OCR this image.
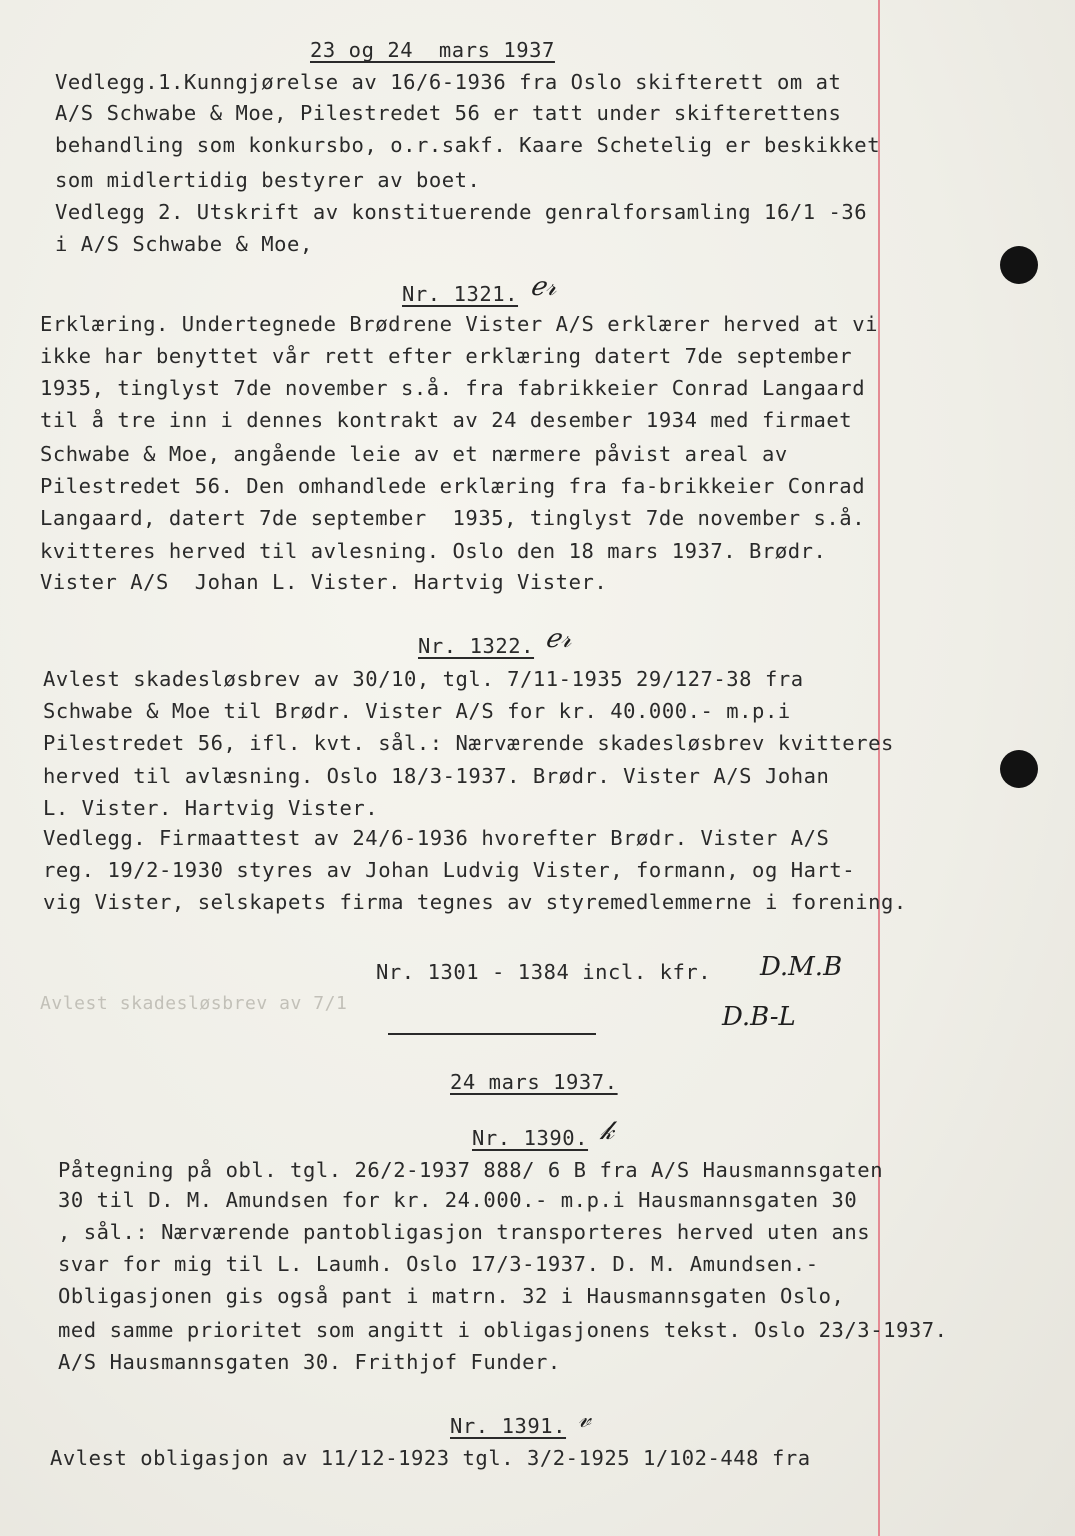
23 og 24  mars 1937
Vedlegg.1.Kunngjørelse av 16/6-1936 fra Oslo skifterett om at
A/S Schwabe & Moe, Pilestredet 56 er tatt under skifterettens
behandling som konkursbo, o.r.sakf. Kaare Schetelig er beskikket
som midlertidig bestyrer av boet.
Vedlegg 2. Utskrift av konstituerende genralforsamling 16/1 -36
i A/S Schwabe & Moe,
Nr. 1321. ℯ𝓇
Erklæring. Undertegnede Brødrene Vister A/S erklærer herved at vi
ikke har benyttet vår rett efter erklæring datert 7de september
1935, tinglyst 7de november s.å. fra fabrikkeier Conrad Langaard
til å tre inn i dennes kontrakt av 24 desember 1934 med firmaet
Schwabe & Moe, angående leie av et nærmere påvist areal av
Pilestredet 56. Den omhandlede erklæring fra fa-brikkeier Conrad
Langaard, datert 7de september  1935, tinglyst 7de november s.å.
kvitteres herved til avlesning. Oslo den 18 mars 1937. Brødr.
Vister A/S  Johan L. Vister. Hartvig Vister.
Nr. 1322. ℯ𝓇
Avlest skadesløsbrev av 30/10, tgl. 7/11-1935 29/127-38 fra
Schwabe & Moe til Brødr. Vister A/S for kr. 40.000.- m.p.i
Pilestredet 56, ifl. kvt. sål.: Nærværende skadesløsbrev kvitteres
herved til avlæsning. Oslo 18/3-1937. Brødr. Vister A/S Johan
L. Vister. Hartvig Vister.
Vedlegg. Firmaattest av 24/6-1936 hvorefter Brødr. Vister A/S
reg. 19/2-1930 styres av Johan Ludvig Vister, formann, og Hart-
vig Vister, selskapets firma tegnes av styremedlemmerne i forening.
Avlest skadesløsbrev av 7/1
Nr. 1301 - 1384 incl. kfr. D.M.B
D.B-L
24 mars 1937.
Nr. 1390. 𝓀
Påtegning på obl. tgl. 26/2-1937 888/ 6 B fra A/S Hausmannsgaten
30 til D. M. Amundsen for kr. 24.000.- m.p.i Hausmannsgaten 30
, sål.: Nærværende pantobligasjon transporteres herved uten ans
svar for mig til L. Laumh. Oslo 17/3-1937. D. M. Amundsen.-
Obligasjonen gis også pant i matrn. 32 i Hausmannsgaten Oslo,
med samme prioritet som angitt i obligasjonens tekst. Oslo 23/3-1937.
A/S Hausmannsgaten 30. Frithjof Funder.
Nr. 1391. 𝓋
Avlest obligasjon av 11/12-1923 tgl. 3/2-1925 1/102-448 fra
